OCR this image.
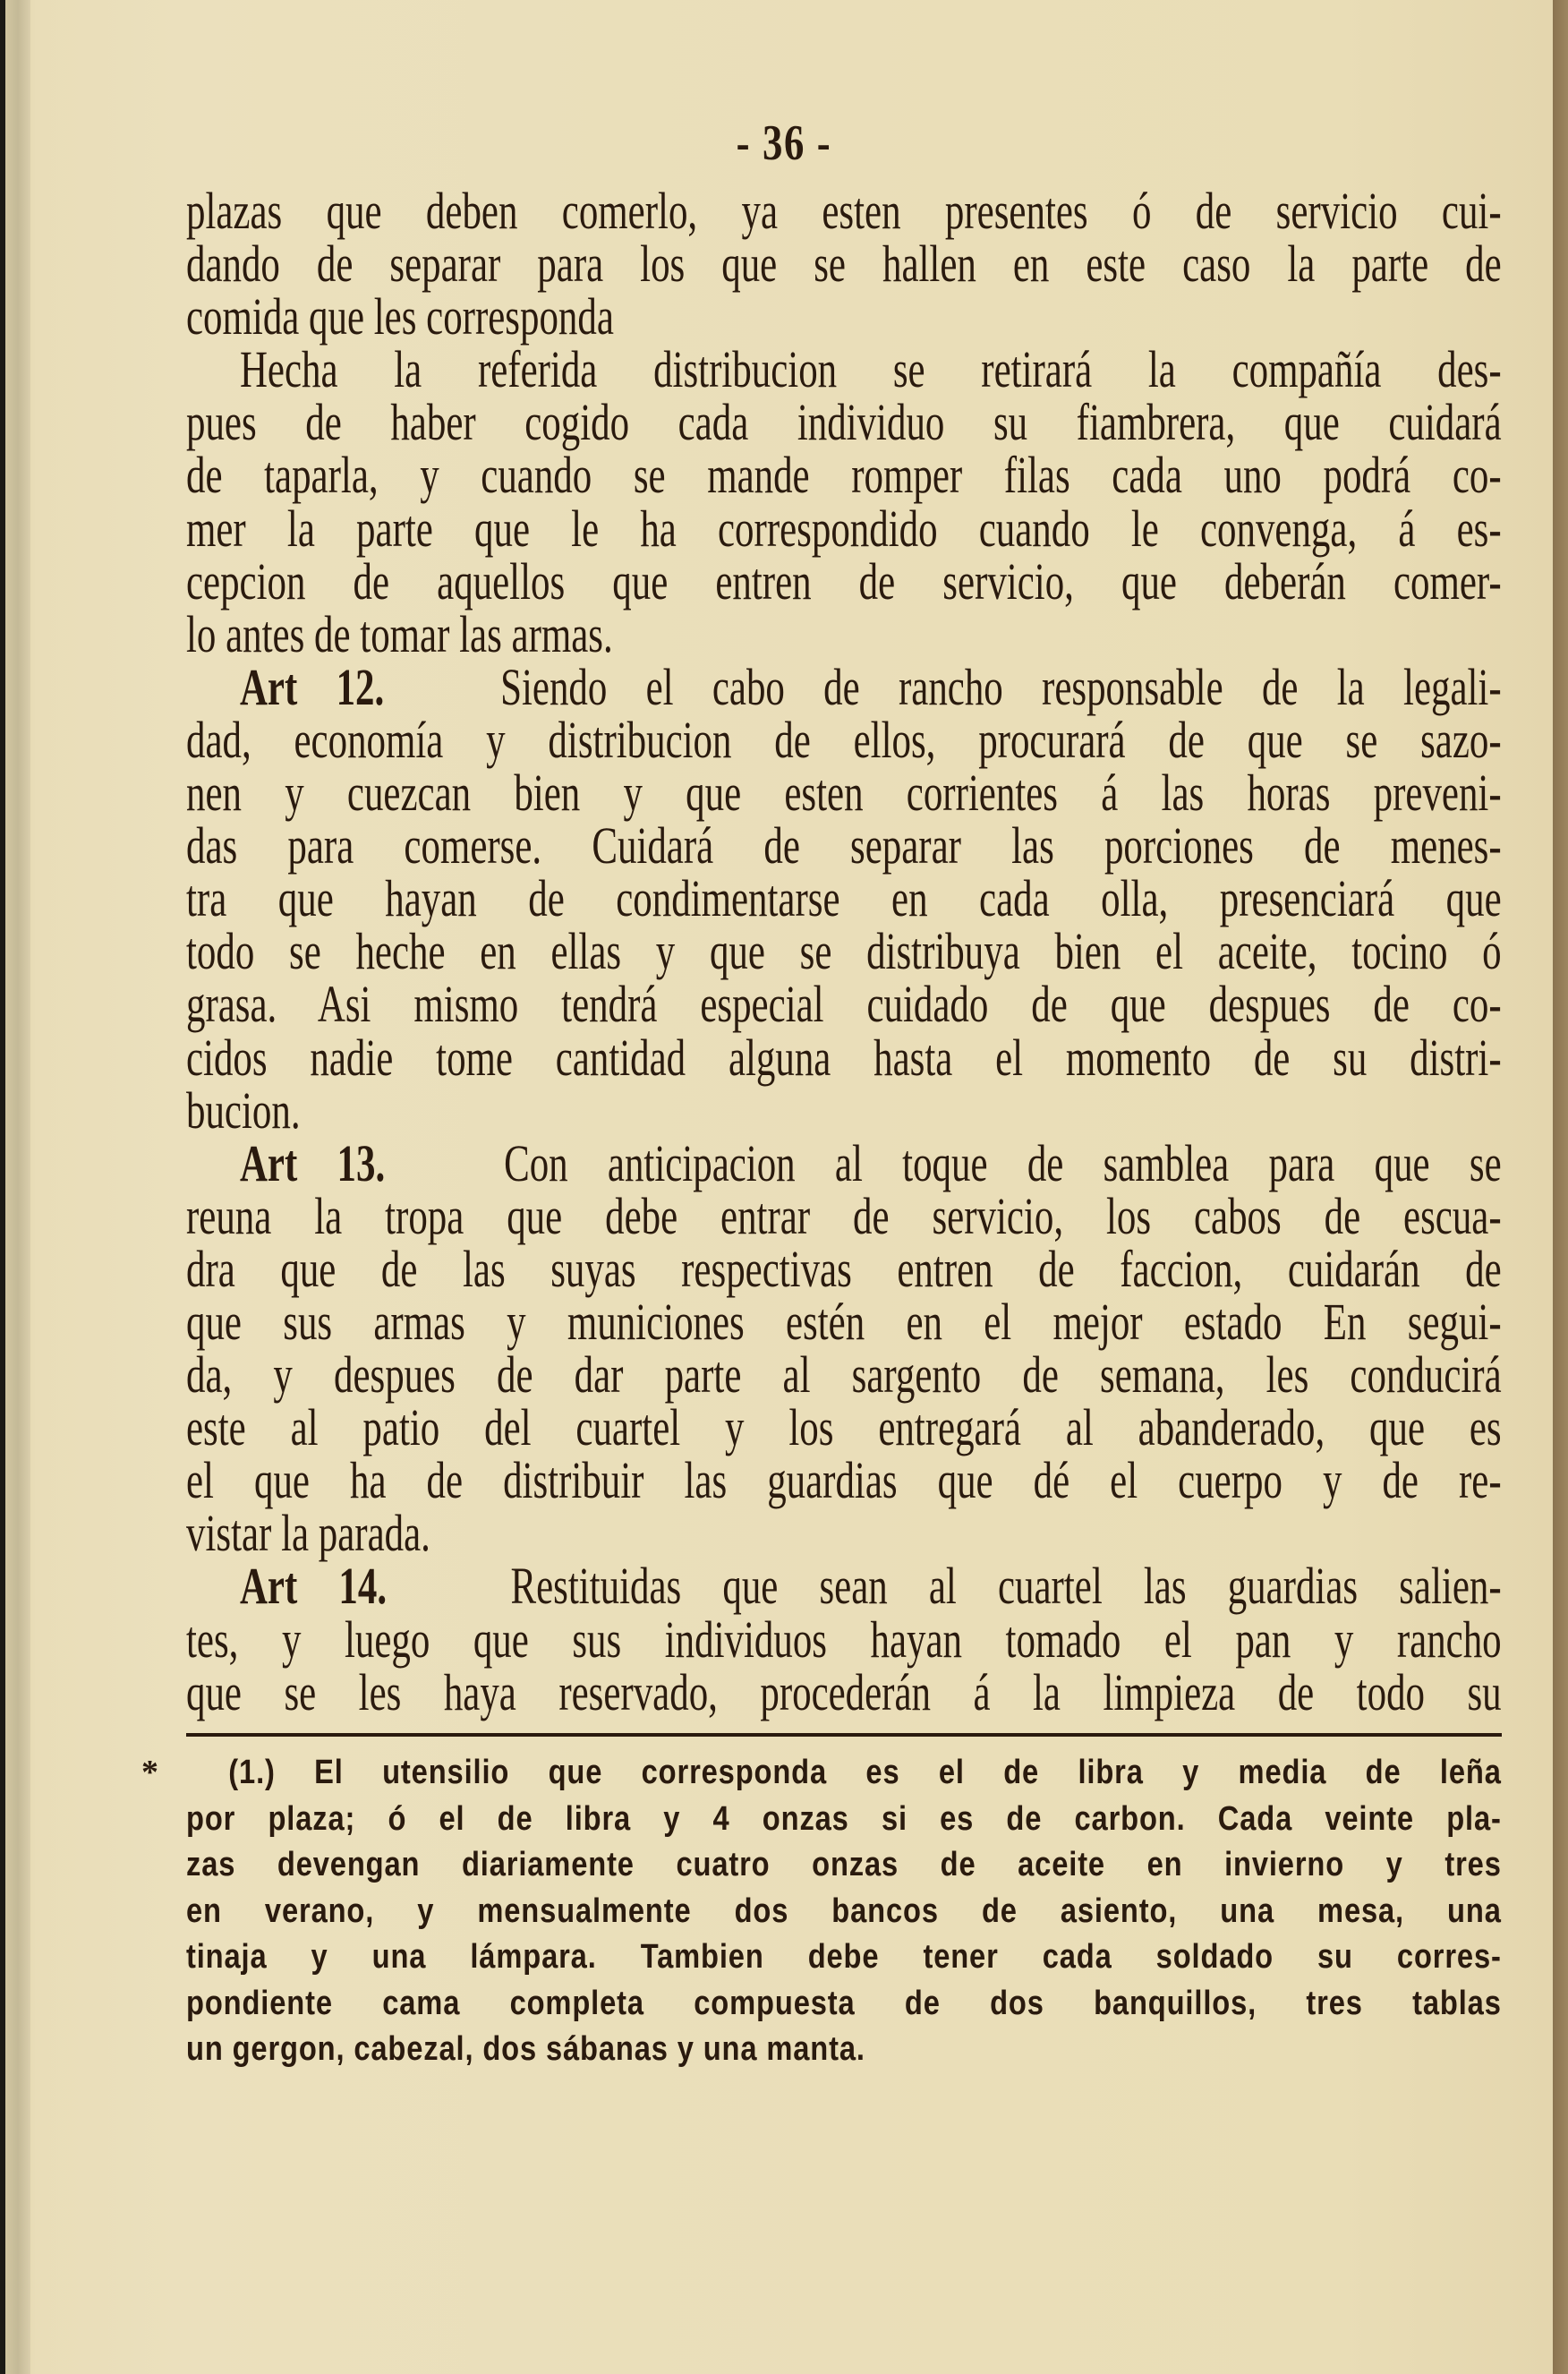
- 36 -
plazas que deben comerlo, ya esten presentes ó de servicio cui-
dando de separar para los que se hallen en este caso la parte de
comida que les corresponda
Hecha la referida distribucion se retirará la compañía des-
pues de haber cogido cada individuo su fiambrera, que cuidará
de taparla, y cuando se mande romper filas cada uno podrá co-
mer la parte que le ha correspondido cuando le convenga, á es-
cepcion de aquellos que entren de servicio, que deberán comer-
lo antes de tomar las armas.
Art 12. Siendo el cabo de rancho responsable de la legali-
dad, economía y distribucion de ellos, procurará de que se sazo-
nen y cuezcan bien y que esten corrientes á las horas preveni-
das para comerse. Cuidará de separar las porciones de menes-
tra que hayan de condimentarse en cada olla, presenciará que
todo se heche en ellas y que se distribuya bien el aceite, tocino ó
grasa. Asi mismo tendrá especial cuidado de que despues de co-
cidos nadie tome cantidad alguna hasta el momento de su distri-
bucion.
Art 13. Con anticipacion al toque de samblea para que se
reuna la tropa que debe entrar de servicio, los cabos de escua-
dra que de las suyas respectivas entren de faccion, cuidarán de
que sus armas y municiones estén en el mejor estado En segui-
da, y despues de dar parte al sargento de semana, les conducirá
este al patio del cuartel y los entregará al abanderado, que es
el que ha de distribuir las guardias que dé el cuerpo y de re-
vistar la parada.
Art 14. Restituidas que sean al cuartel las guardias salien-
tes, y luego que sus individuos hayan tomado el pan y rancho
que se les haya reservado, procederán á la limpieza de todo su
*	(1.) El utensilio que corresponda es el de libra y media de leña
por plaza; ó el de libra y 4 onzas si es de carbon. Cada veinte pla-
zas devengan diariamente cuatro onzas de aceite en invierno y tres
en verano, y mensualmente dos bancos de asiento, una mesa, una
tinaja y una lámpara. Tambien debe tener cada soldado su corres-
pondiente cama completa compuesta de dos banquillos, tres tablas
un gergon, cabezal, dos sábanas y una manta.
